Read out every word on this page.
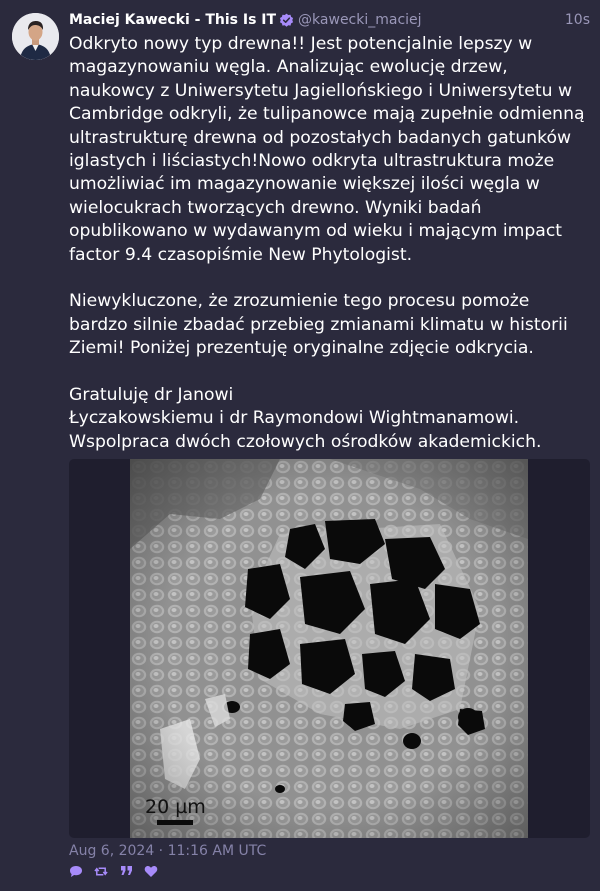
Maciej Kawecki - This Is IT @kawecki_maciej	10s

Odkryto nowy typ drewna!! Jest potencjalnie lepszy w magazynowaniu węgla. Analizując ewolucję drzew, naukowcy z Uniwersytetu Jagiellońskiego i Uniwersytetu w Cambridge odkryli, że tulipanowce mają zupełnie odmienną ultrastrukturę drewna od pozostałych badanych gatunków iglastych i liściastych!Nowo odkryta ultrastruktura może umożliwiać im magazynowanie większej ilości węgla w wielocukrach tworzących drewno. Wyniki badań opublikowano w wydawanym od wieku i mającym impact factor 9.4 czasopiśmie New Phytologist.

Niewykluczone, że zrozumienie tego procesu pomoże bardzo silnie zbadać przebieg zmianami klimatu w historii Ziemi! Poniżej prezentuję oryginalne zdjęcie odkrycia.

Gratuluję dr Janowi
Łyczakowskiemu i dr Raymondowi Wightmanamowi. Wspolpraca dwóch czołowych ośrodków akademickich.

20 µm
Aug 6, 2024 · 11:16 AM UTC
